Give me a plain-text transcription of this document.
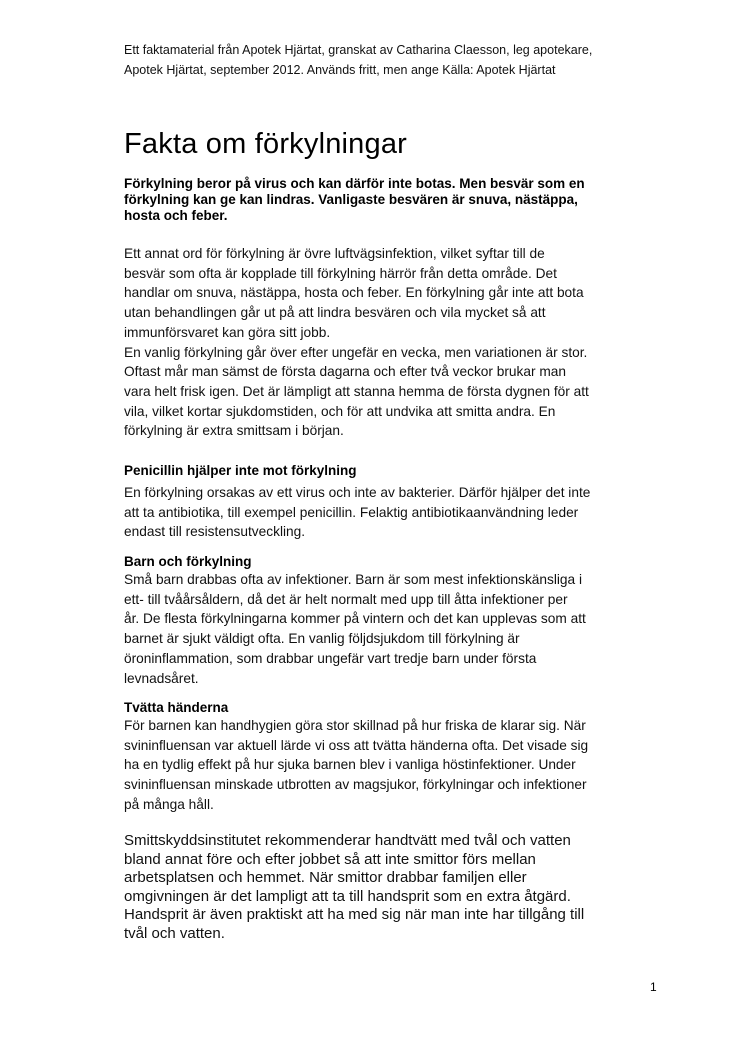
Ett faktamaterial från Apotek Hjärtat, granskat av Catharina Claesson, leg apotekare,
Apotek Hjärtat, september 2012. Används fritt, men ange Källa: Apotek Hjärtat
Fakta om förkylningar
Förkylning beror på virus och kan därför inte botas. Men besvär som en
förkylning kan ge kan lindras. Vanligaste besvären är snuva, nästäppa,
hosta och feber.
Ett annat ord för förkylning är övre luftvägsinfektion, vilket syftar till de
besvär som ofta är kopplade till förkylning härrör från detta område. Det
handlar om snuva, nästäppa, hosta och feber. En förkylning går inte att bota
utan behandlingen går ut på att lindra besvären och vila mycket så att
immunförsvaret kan göra sitt jobb.
En vanlig förkylning går över efter ungefär en vecka, men variationen är stor.
Oftast mår man sämst de första dagarna och efter två veckor brukar man
vara helt frisk igen. Det är lämpligt att stanna hemma de första dygnen för att
vila, vilket kortar sjukdomstiden, och för att undvika att smitta andra. En
förkylning är extra smittsam i början.
Penicillin hjälper inte mot förkylning
En förkylning orsakas av ett virus och inte av bakterier. Därför hjälper det inte
att ta antibiotika, till exempel penicillin. Felaktig antibiotikaanvändning leder
endast till resistensutveckling.
Barn och förkylning
Små barn drabbas ofta av infektioner. Barn är som mest infektionskänsliga i
ett- till tvåårsåldern, då det är helt normalt med upp till åtta infektioner per
år. De flesta förkylningarna kommer på vintern och det kan upplevas som att
barnet är sjukt väldigt ofta. En vanlig följdsjukdom till förkylning är
öroninflammation, som drabbar ungefär vart tredje barn under första
levnadsåret.
Tvätta händerna
För barnen kan handhygien göra stor skillnad på hur friska de klarar sig. När
svininfluensan var aktuell lärde vi oss att tvätta händerna ofta. Det visade sig
ha en tydlig effekt på hur sjuka barnen blev i vanliga höstinfektioner. Under
svininfluensan minskade utbrotten av magsjukor, förkylningar och infektioner
på många håll.
Smittskyddsinstitutet rekommenderar handtvätt med tvål och vatten
bland annat före och efter jobbet så att inte smittor förs mellan
arbetsplatsen och hemmet. När smittor drabbar familjen eller
omgivningen är det lampligt att ta till handsprit som en extra åtgärd.
Handsprit är även praktiskt att ha med sig när man inte har tillgång till
tvål och vatten.
1
